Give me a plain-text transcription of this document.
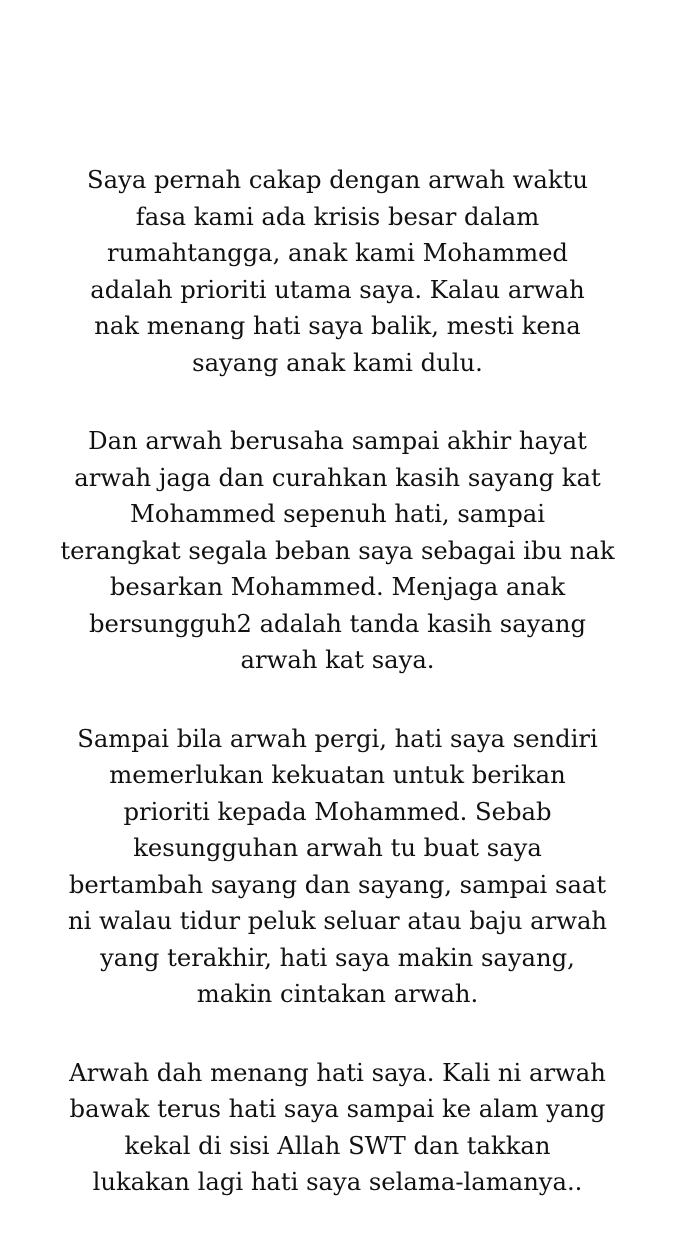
Saya pernah cakap dengan arwah waktu
fasa kami ada krisis besar dalam
rumahtangga, anak kami Mohammed
adalah prioriti utama saya. Kalau arwah
nak menang hati saya balik, mesti kena
sayang anak kami dulu.

Dan arwah berusaha sampai akhir hayat
arwah jaga dan curahkan kasih sayang kat
Mohammed sepenuh hati, sampai
terangkat segala beban saya sebagai ibu nak
besarkan Mohammed. Menjaga anak
bersungguh2 adalah tanda kasih sayang
arwah kat saya.

Sampai bila arwah pergi, hati saya sendiri
memerlukan kekuatan untuk berikan
prioriti kepada Mohammed. Sebab
kesungguhan arwah tu buat saya
bertambah sayang dan sayang, sampai saat
ni walau tidur peluk seluar atau baju arwah
yang terakhir, hati saya makin sayang,
makin cintakan arwah.

Arwah dah menang hati saya. Kali ni arwah
bawak terus hati saya sampai ke alam yang
kekal di sisi Allah SWT dan takkan
lukakan lagi hati saya selama-lamanya..
